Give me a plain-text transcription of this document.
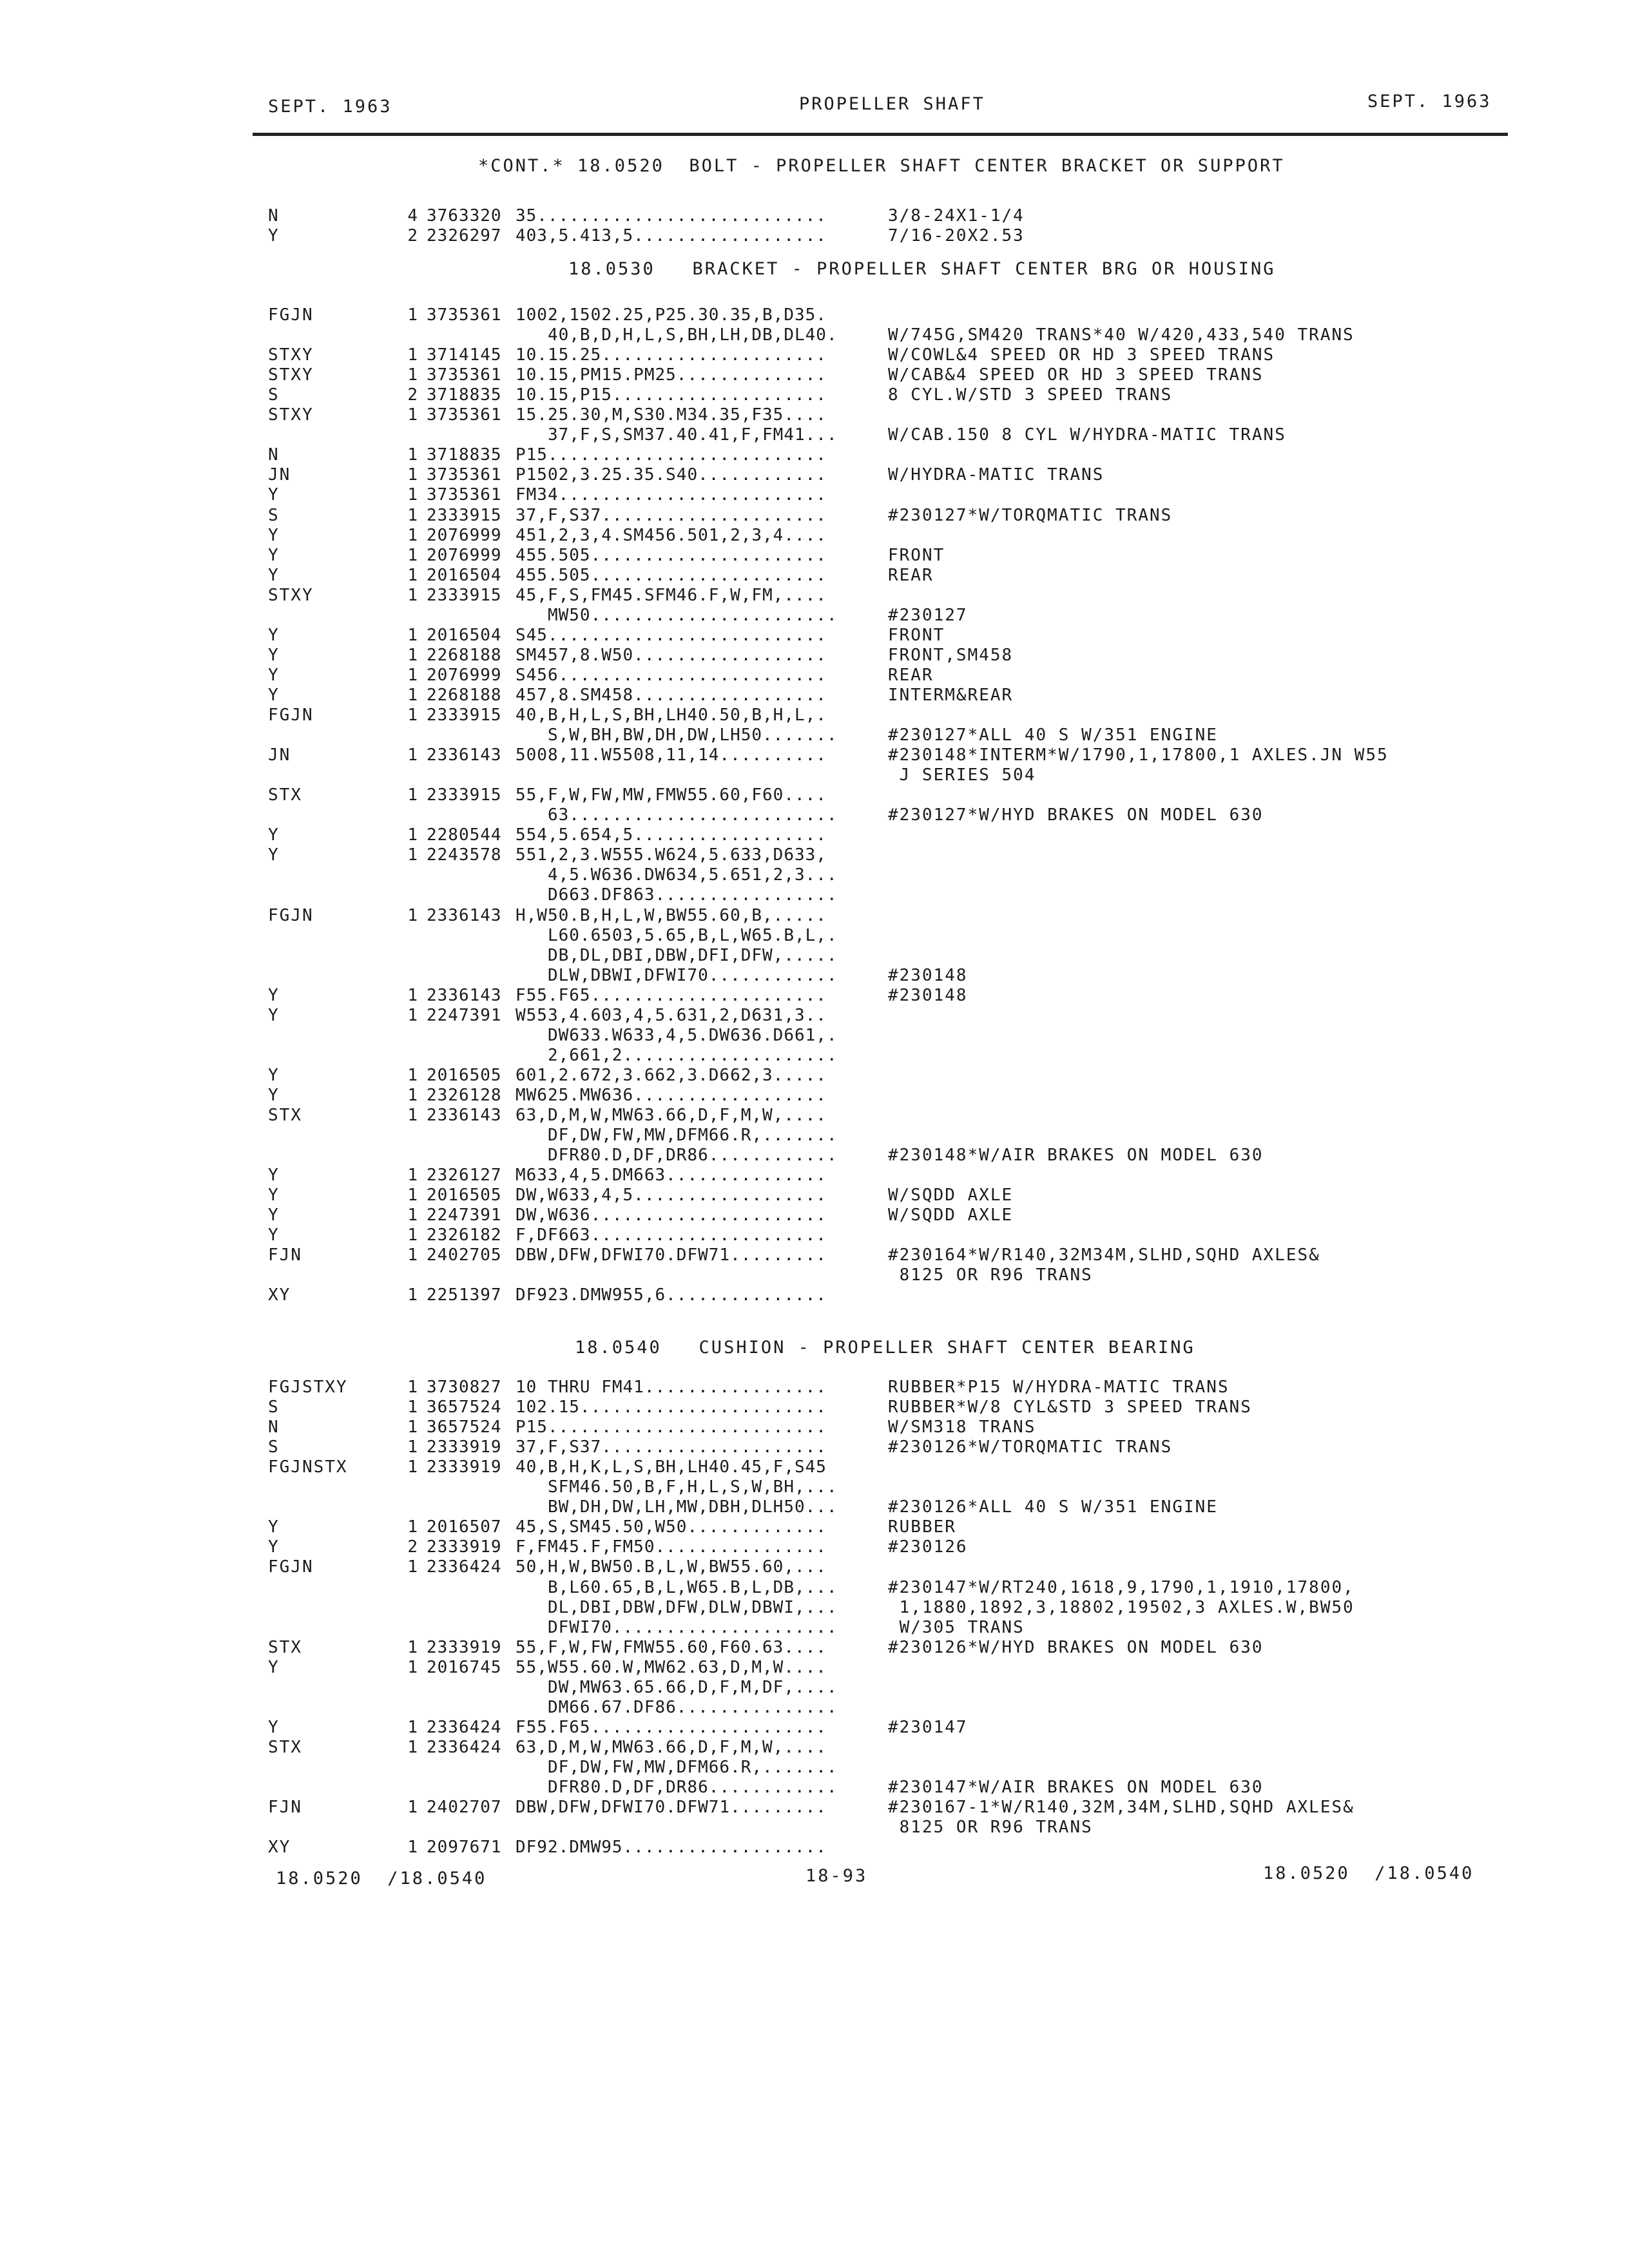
SEPT. 1963	PROPELLER SHAFT	SEPT. 1963
*CONT.* 18.0520  BOLT - PROPELLER SHAFT CENTER BRACKET OR SUPPORT
N	4 3763320 35...........................	3/8-24X1-1/4
Y	2 2326297 403,5.413,5..................	7/16-20X2.53
18.0530   BRACKET - PROPELLER SHAFT CENTER BRG OR HOUSING
FGJN	1 3735361 1002,1502.25,P25.30.35,B,D35.
40,B,D,H,L,S,BH,LH,DB,DL40.	W/745G,SM420 TRANS*40 W/420,433,540 TRANS
STXY	1 3714145 10.15.25.....................	W/COWL&4 SPEED OR HD 3 SPEED TRANS
STXY	1 3735361 10.15,PM15.PM25..............	W/CAB&4 SPEED OR HD 3 SPEED TRANS
S	2 3718835 10.15,P15....................	8 CYL.W/STD 3 SPEED TRANS
STXY	1 3735361 15.25.30,M,S30.M34.35,F35....
37,F,S,SM37.40.41,F,FM41...	W/CAB.150 8 CYL W/HYDRA-MATIC TRANS
N	1 3718835 P15..........................
JN	1 3735361 P1502,3.25.35.S40............	W/HYDRA-MATIC TRANS
Y	1 3735361 FM34.........................
S	1 2333915 37,F,S37.....................	#230127*W/TORQMATIC TRANS
Y	1 2076999 451,2,3,4.SM456.501,2,3,4....
Y	1 2076999 455.505......................	FRONT
Y	1 2016504 455.505......................	REAR
STXY	1 2333915 45,F,S,FM45.SFM46.F,W,FM,....
MW50.......................	#230127
Y	1 2016504 S45..........................	FRONT
Y	1 2268188 SM457,8.W50..................	FRONT,SM458
Y	1 2076999 S456.........................	REAR
Y	1 2268188 457,8.SM458..................	INTERM&REAR
FGJN	1 2333915 40,B,H,L,S,BH,LH40.50,B,H,L,.
S,W,BH,BW,DH,DW,LH50.......	#230127*ALL 40 S W/351 ENGINE
JN	1 2336143 5008,11.W5508,11,14..........	#230148*INTERM*W/1790,1,17800,1 AXLES.JN W55
J SERIES 504
STX	1 2333915 55,F,W,FW,MW,FMW55.60,F60....
63.........................	#230127*W/HYD BRAKES ON MODEL 630
Y	1 2280544 554,5.654,5..................
Y	1 2243578 551,2,3.W555.W624,5.633,D633,
4,5.W636.DW634,5.651,2,3...
D663.DF863.................
FGJN	1 2336143 H,W50.B,H,L,W,BW55.60,B,.....
L60.6503,5.65,B,L,W65.B,L,.
DB,DL,DBI,DBW,DFI,DFW,.....
DLW,DBWI,DFWI70............	#230148
Y	1 2336143 F55.F65......................	#230148
Y	1 2247391 W553,4.603,4,5.631,2,D631,3..
DW633.W633,4,5.DW636.D661,.
2,661,2....................
Y	1 2016505 601,2.672,3.662,3.D662,3.....
Y	1 2326128 MW625.MW636..................
STX	1 2336143 63,D,M,W,MW63.66,D,F,M,W,....
DF,DW,FW,MW,DFM66.R,.......
DFR80.D,DF,DR86............	#230148*W/AIR BRAKES ON MODEL 630
Y	1 2326127 M633,4,5.DM663...............
Y	1 2016505 DW,W633,4,5..................	W/SQDD AXLE
Y	1 2247391 DW,W636......................	W/SQDD AXLE
Y	1 2326182 F,DF663......................
FJN	1 2402705 DBW,DFW,DFWI70.DFW71.........	#230164*W/R140,32M34M,SLHD,SQHD AXLES&
8125 OR R96 TRANS
XY	1 2251397 DF923.DMW955,6...............
18.0540   CUSHION - PROPELLER SHAFT CENTER BEARING
FGJSTXY	1 3730827 10 THRU FM41.................	RUBBER*P15 W/HYDRA-MATIC TRANS
S	1 3657524 102.15.......................	RUBBER*W/8 CYL&STD 3 SPEED TRANS
N	1 3657524 P15..........................	W/SM318 TRANS
S	1 2333919 37,F,S37.....................	#230126*W/TORQMATIC TRANS
FGJNSTX	1 2333919 40,B,H,K,L,S,BH,LH40.45,F,S45
SFM46.50,B,F,H,L,S,W,BH,...
BW,DH,DW,LH,MW,DBH,DLH50...	#230126*ALL 40 S W/351 ENGINE
Y	1 2016507 45,S,SM45.50,W50.............	RUBBER
Y	2 2333919 F,FM45.F,FM50................	#230126
FGJN	1 2336424 50,H,W,BW50.B,L,W,BW55.60,...
B,L60.65,B,L,W65.B,L,DB,...	#230147*W/RT240,1618,9,1790,1,1910,17800,
DL,DBI,DBW,DFW,DLW,DBWI,...	1,1880,1892,3,18802,19502,3 AXLES.W,BW50
DFWI70.....................	W/305 TRANS
STX	1 2333919 55,F,W,FW,FMW55.60,F60.63....	#230126*W/HYD BRAKES ON MODEL 630
Y	1 2016745 55,W55.60.W,MW62.63,D,M,W....
DW,MW63.65.66,D,F,M,DF,....
DM66.67.DF86...............
Y	1 2336424 F55.F65......................	#230147
STX	1 2336424 63,D,M,W,MW63.66,D,F,M,W,....
DF,DW,FW,MW,DFM66.R,.......
DFR80.D,DF,DR86............	#230147*W/AIR BRAKES ON MODEL 630
FJN	1 2402707 DBW,DFW,DFWI70.DFW71.........	#230167-1*W/R140,32M,34M,SLHD,SQHD AXLES&
8125 OR R96 TRANS
XY	1 2097671 DF92.DMW95...................
18.0520  /18.0540	18-93	18.0520  /18.0540
